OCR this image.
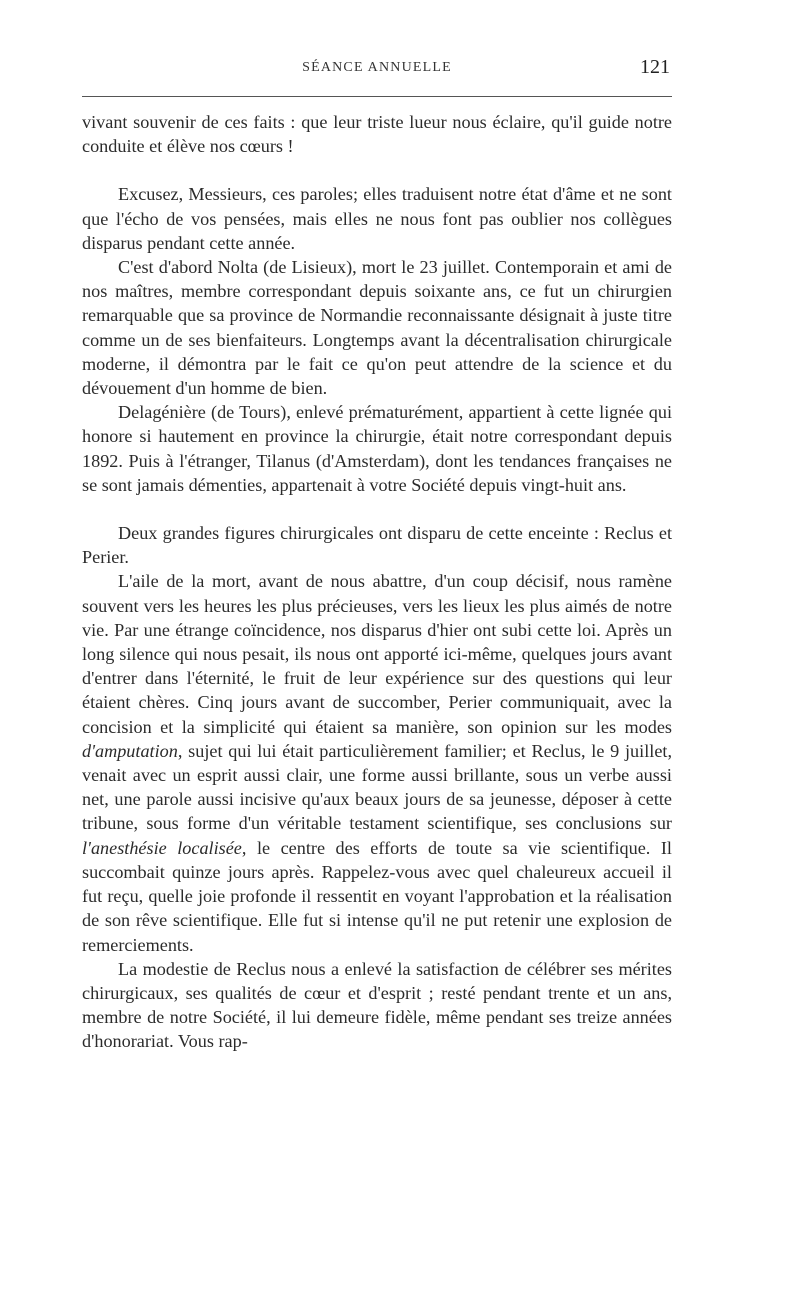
SÉANCE ANNUELLE	121

vivant souvenir de ces faits : que leur triste lueur nous éclaire, qu'il guide notre conduite et élève nos cœurs !

Excusez, Messieurs, ces paroles; elles traduisent notre état d'âme et ne sont que l'écho de vos pensées, mais elles ne nous font pas oublier nos collègues disparus pendant cette année.

C'est d'abord Nolta (de Lisieux), mort le 23 juillet. Contemporain et ami de nos maîtres, membre correspondant depuis soixante ans, ce fut un chirurgien remarquable que sa province de Normandie reconnaissante désignait à juste titre comme un de ses bienfaiteurs. Longtemps avant la décentralisation chirurgicale moderne, il démontra par le fait ce qu'on peut attendre de la science et du dévouement d'un homme de bien.

Delagénière (de Tours), enlevé prématurément, appartient à cette lignée qui honore si hautement en province la chirurgie, était notre correspondant depuis 1892. Puis à l'étranger, Tilanus (d'Amsterdam), dont les tendances françaises ne se sont jamais démenties, appartenait à votre Société depuis vingt-huit ans.

Deux grandes figures chirurgicales ont disparu de cette enceinte : Reclus et Perier.

L'aile de la mort, avant de nous abattre, d'un coup décisif, nous ramène souvent vers les heures les plus précieuses, vers les lieux les plus aimés de notre vie. Par une étrange coïncidence, nos disparus d'hier ont subi cette loi. Après un long silence qui nous pesait, ils nous ont apporté ici-même, quelques jours avant d'entrer dans l'éternité, le fruit de leur expérience sur des questions qui leur étaient chères. Cinq jours avant de succomber, Perier communiquait, avec la concision et la simplicité qui étaient sa manière, son opinion sur les modes d'amputation, sujet qui lui était particulièrement familier; et Reclus, le 9 juillet, venait avec un esprit aussi clair, une forme aussi brillante, sous un verbe aussi net, une parole aussi incisive qu'aux beaux jours de sa jeunesse, déposer à cette tribune, sous forme d'un véritable testament scientifique, ses conclusions sur l'anesthésie localisée, le centre des efforts de toute sa vie scientifique. Il succombait quinze jours après. Rappelez-vous avec quel chaleureux accueil il fut reçu, quelle joie profonde il ressentit en voyant l'approbation et la réalisation de son rêve scientifique. Elle fut si intense qu'il ne put retenir une explosion de remerciements.

La modestie de Reclus nous a enlevé la satisfaction de célébrer ses mérites chirurgicaux, ses qualités de cœur et d'esprit ; resté pendant trente et un ans, membre de notre Société, il lui demeure fidèle, même pendant ses treize années d'honorariat. Vous rap-
